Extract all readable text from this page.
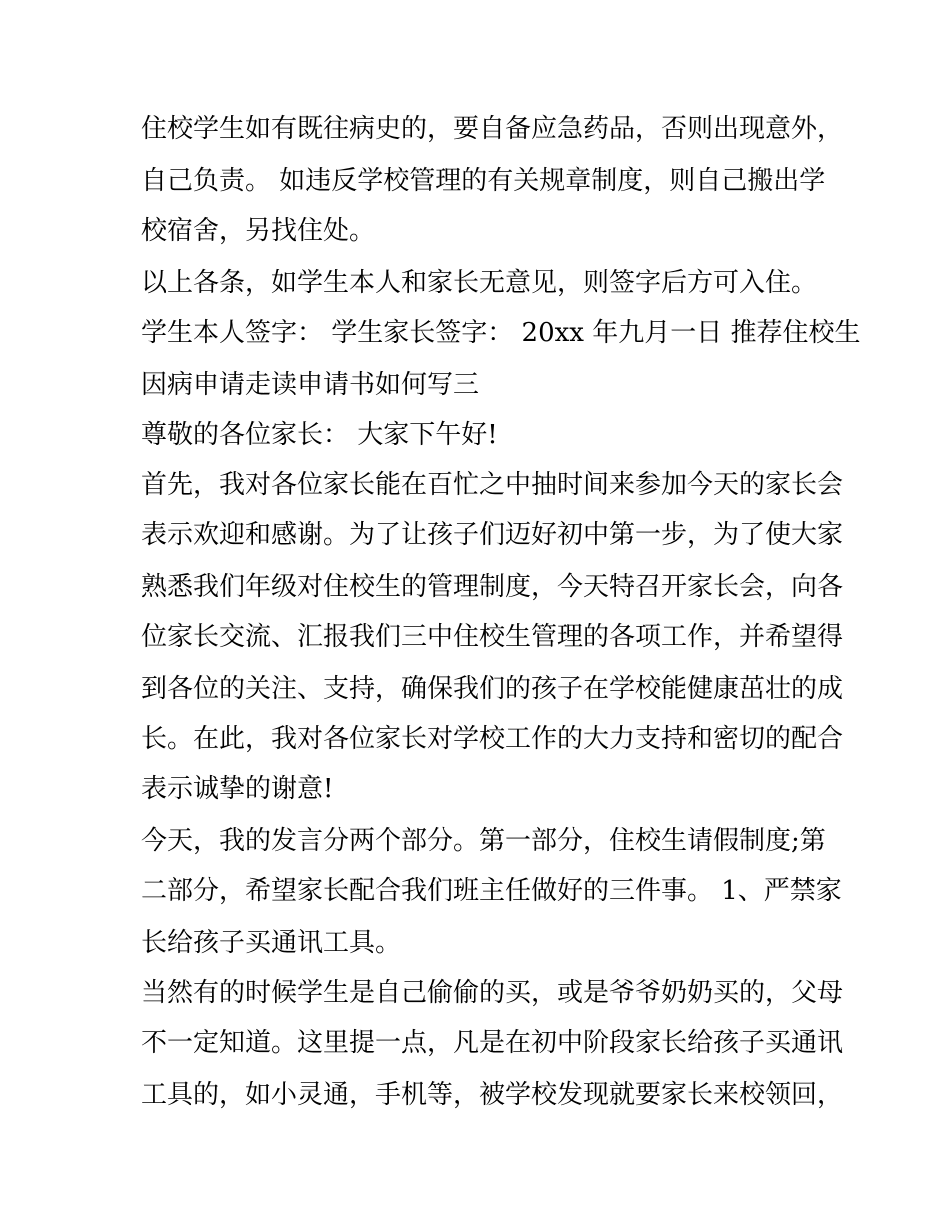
住校学生如有既往病史的，要自备应急药品，否则出现意外，

自己负责。 如违反学校管理的有关规章制度，则自己搬出学

校宿舍，另找住处。

以上各条，如学生本人和家长无意见，则签字后方可入住。

学生本人签字： 学生家长签字： 20xx 年九月一日 推荐住校生

因病申请走读申请书如何写三

尊敬的各位家长： 大家下午好!

首先，我对各位家长能在百忙之中抽时间来参加今天的家长会

表示欢迎和感谢。为了让孩子们迈好初中第一步，为了使大家

熟悉我们年级对住校生的管理制度，今天特召开家长会，向各

位家长交流、汇报我们三中住校生管理的各项工作，并希望得

到各位的关注、支持，确保我们的孩子在学校能健康茁壮的成

长。在此，我对各位家长对学校工作的大力支持和密切的配合

表示诚挚的谢意!

今天，我的发言分两个部分。第一部分，住校生请假制度;第

二部分，希望家长配合我们班主任做好的三件事。 1、严禁家

长给孩子买通讯工具。

当然有的时候学生是自己偷偷的买，或是爷爷奶奶买的，父母

不一定知道。这里提一点，凡是在初中阶段家长给孩子买通讯

工具的，如小灵通，手机等，被学校发现就要家长来校领回，
